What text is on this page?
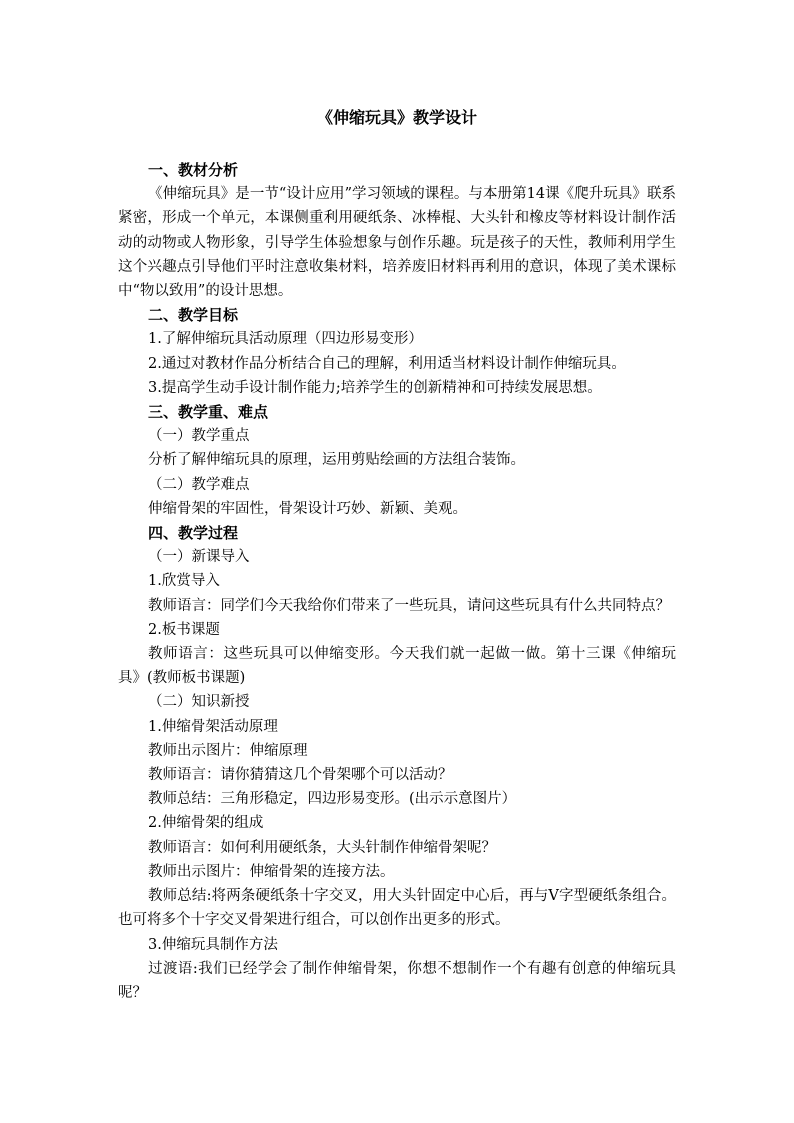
《伸缩玩具》教学设计

一、教材分析

《伸缩玩具》是一节“设计应用”学习领域的课程。与本册第14课《爬升玩具》联系紧密，形成一个单元，本课侧重利用硬纸条、冰棒棍、大头针和橡皮等材料设计制作活动的动物或人物形象，引导学生体验想象与创作乐趣。玩是孩子的天性，教师利用学生这个兴趣点引导他们平时注意收集材料，培养废旧材料再利用的意识，体现了美术课标中“物以致用”的设计思想。

二、教学目标

1.了解伸缩玩具活动原理（四边形易变形）

2.通过对教材作品分析结合自己的理解，利用适当材料设计制作伸缩玩具。

3.提高学生动手设计制作能力;培养学生的创新精神和可持续发展思想。

三、教学重、难点

（一）教学重点

分析了解伸缩玩具的原理，运用剪贴绘画的方法组合装饰。

（二）教学难点

伸缩骨架的牢固性，骨架设计巧妙、新颖、美观。

四、教学过程

（一）新课导入

1.欣赏导入

教师语言：同学们今天我给你们带来了一些玩具，请问这些玩具有什么共同特点？

2.板书课题

教师语言：这些玩具可以伸缩变形。今天我们就一起做一做。第十三课《伸缩玩具》(教师板书课题)

（二）知识新授

1.伸缩骨架活动原理

教师出示图片：伸缩原理

教师语言：请你猜猜这几个骨架哪个可以活动？

教师总结：三角形稳定，四边形易变形。(出示示意图片）

2.伸缩骨架的组成

教师语言：如何利用硬纸条，大头针制作伸缩骨架呢？

教师出示图片：伸缩骨架的连接方法。

教师总结:将两条硬纸条十字交叉，用大头针固定中心后，再与V字型硬纸条组合。也可将多个十字交叉骨架进行组合，可以创作出更多的形式。

3.伸缩玩具制作方法

过渡语:我们已经学会了制作伸缩骨架，你想不想制作一个有趣有创意的伸缩玩具呢？
